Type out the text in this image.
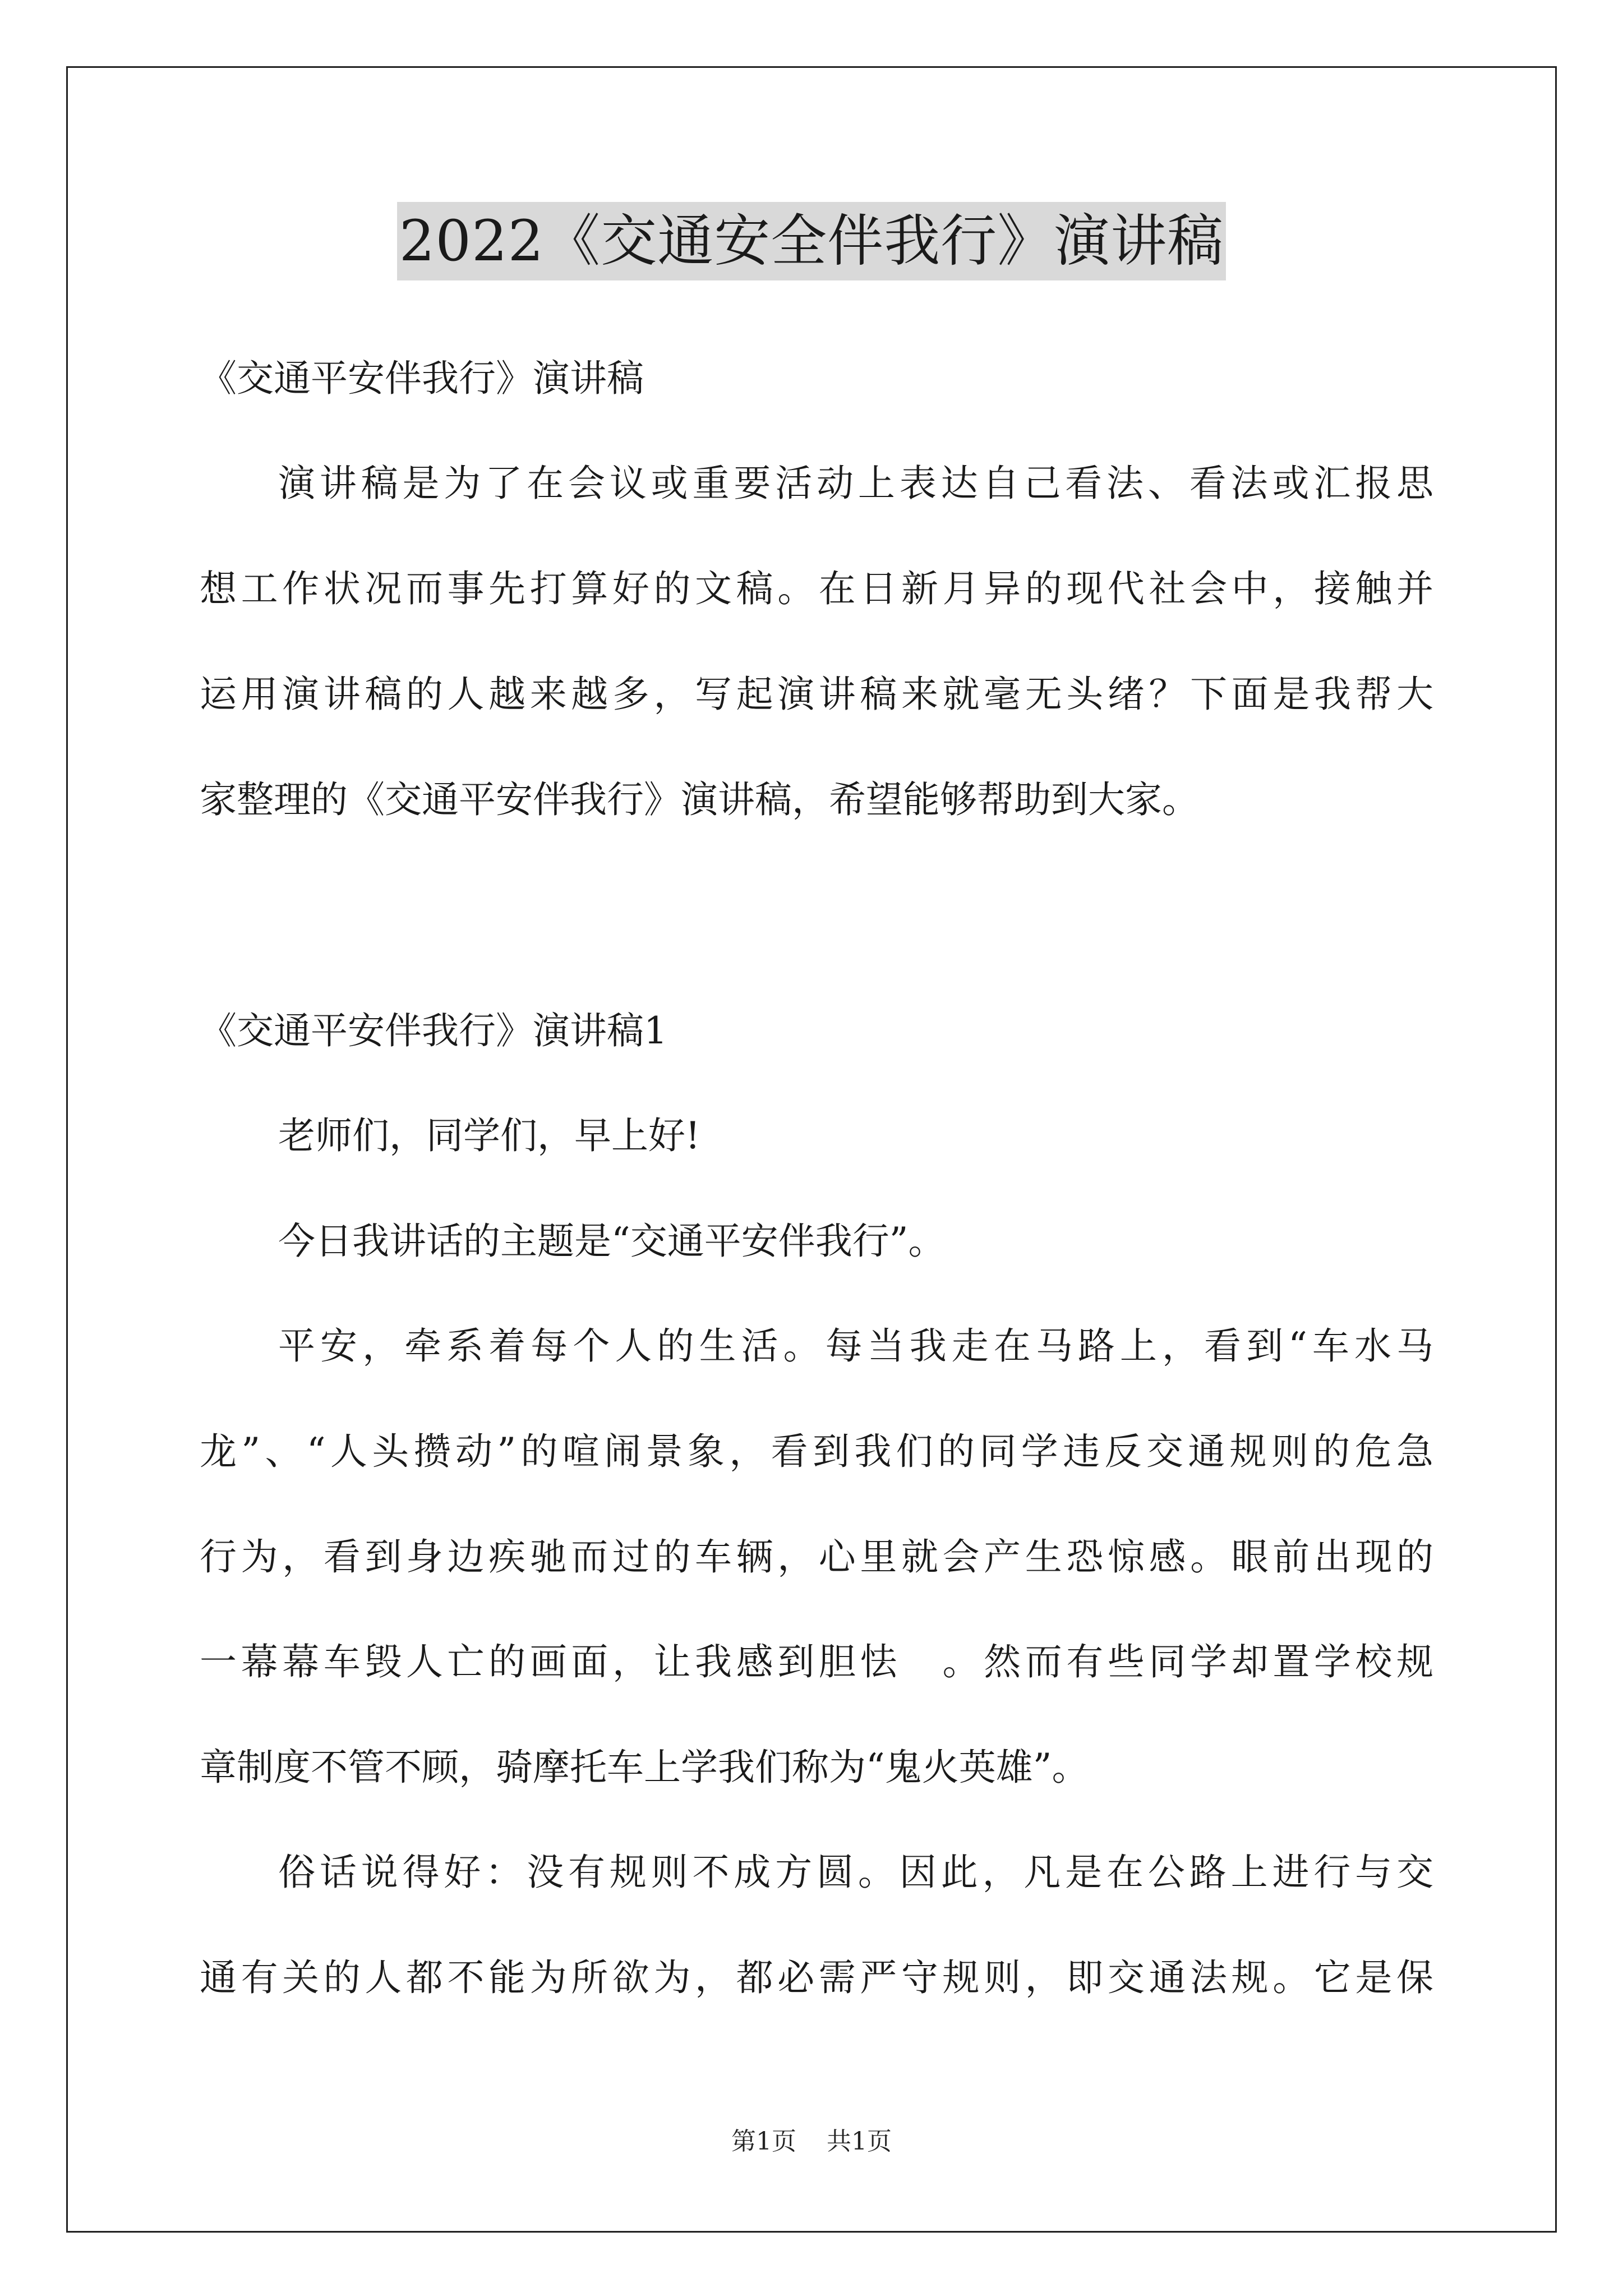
2022《交通安全伴我行》演讲稿
《交通平安伴我行》演讲稿
演讲稿是为了在会议或重要活动上表达自己看法、看法或汇报思
想工作状况而事先打算好的文稿。在日新月异的现代社会中，接触并
运用演讲稿的人越来越多，写起演讲稿来就毫无头绪？下面是我帮大
家整理的《交通平安伴我行》演讲稿，希望能够帮助到大家。
《交通平安伴我行》演讲稿1
老师们，同学们，早上好!
今日我讲话的主题是“交通平安伴我行”。
平安，牵系着每个人的生活。每当我走在马路上，看到“车水马
龙”、“人头攒动”的喧闹景象，看到我们的同学违反交通规则的危急
行为，看到身边疾驰而过的车辆，心里就会产生恐惊感。眼前出现的
一幕幕车毁人亡的画面，让我感到胆怯　。然而有些同学却置学校规
章制度不管不顾，骑摩托车上学我们称为“鬼火英雄”。
俗话说得好：没有规则不成方圆。因此，凡是在公路上进行与交
通有关的人都不能为所欲为，都必需严守规则，即交通法规。它是保
第1页 共1页
